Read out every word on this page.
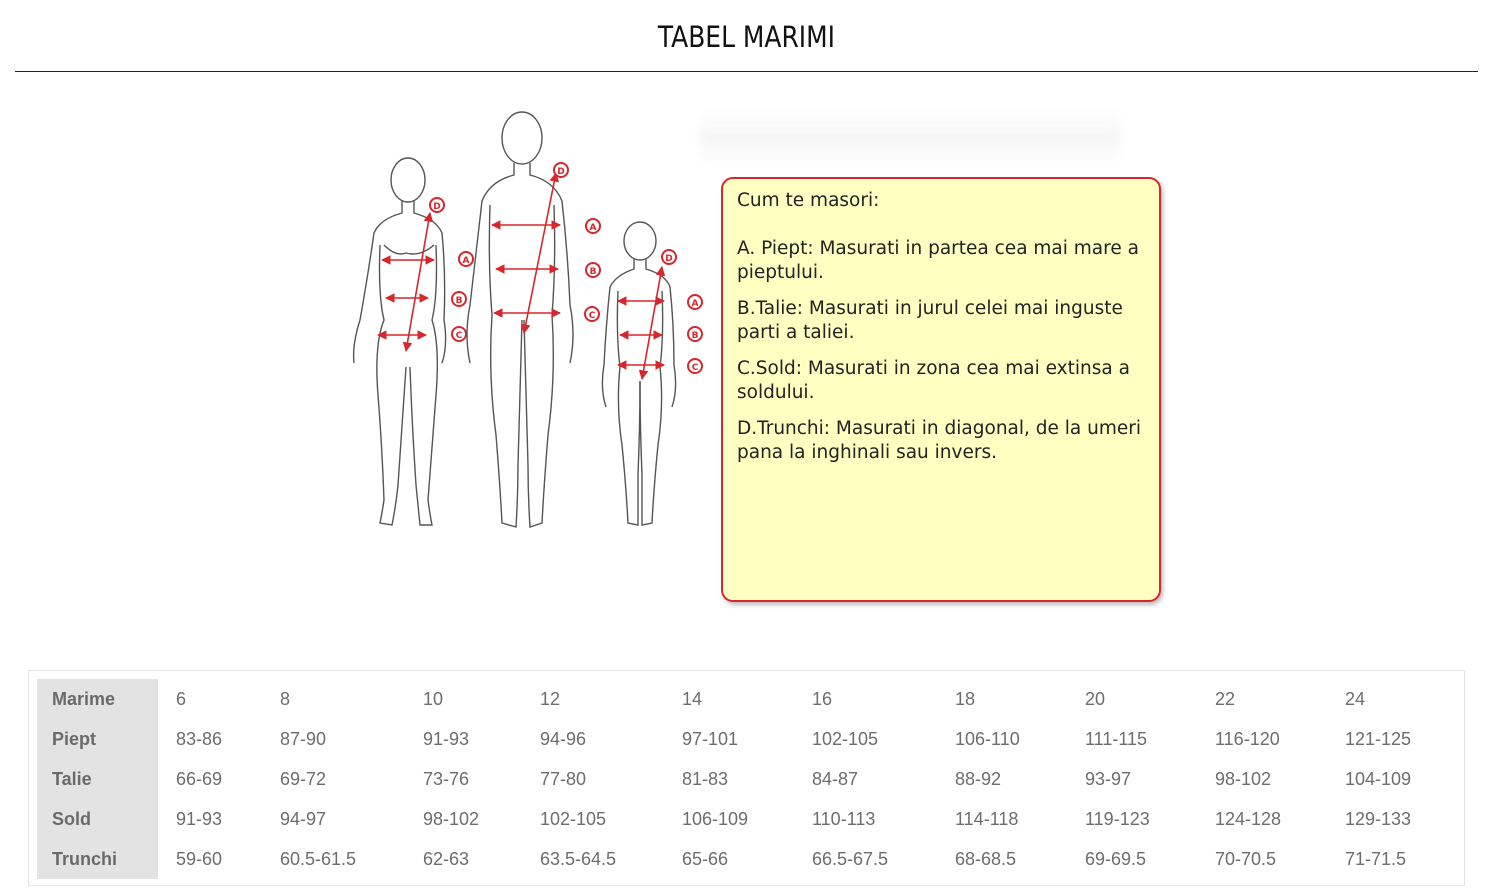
TABEL MARIMI
D
A
B
C
D
A
B
C
D
A
B
C

Cum te masori:

A. Piept: Masurati in partea cea mai mare a pieptului.

B.Talie: Masurati in jurul celei mai inguste parti a taliei.

C.Sold: Masurati in zona cea mai extinsa a soldului.

D.Trunchi: Masurati in diagonal, de la umeri pana la inghinali sau invers.

Marime	6	8	10	12	14	16	18	20	22	24
Piept	83-86	87-90	91-93	94-96	97-101	102-105	106-110	111-115	116-120	121-125
Talie	66-69	69-72	73-76	77-80	81-83	84-87	88-92	93-97	98-102	104-109
Sold	91-93	94-97	98-102	102-105	106-109	110-113	114-118	119-123	124-128	129-133
Trunchi	59-60	60.5-61.5	62-63	63.5-64.5	65-66	66.5-67.5	68-68.5	69-69.5	70-70.5	71-71.5
